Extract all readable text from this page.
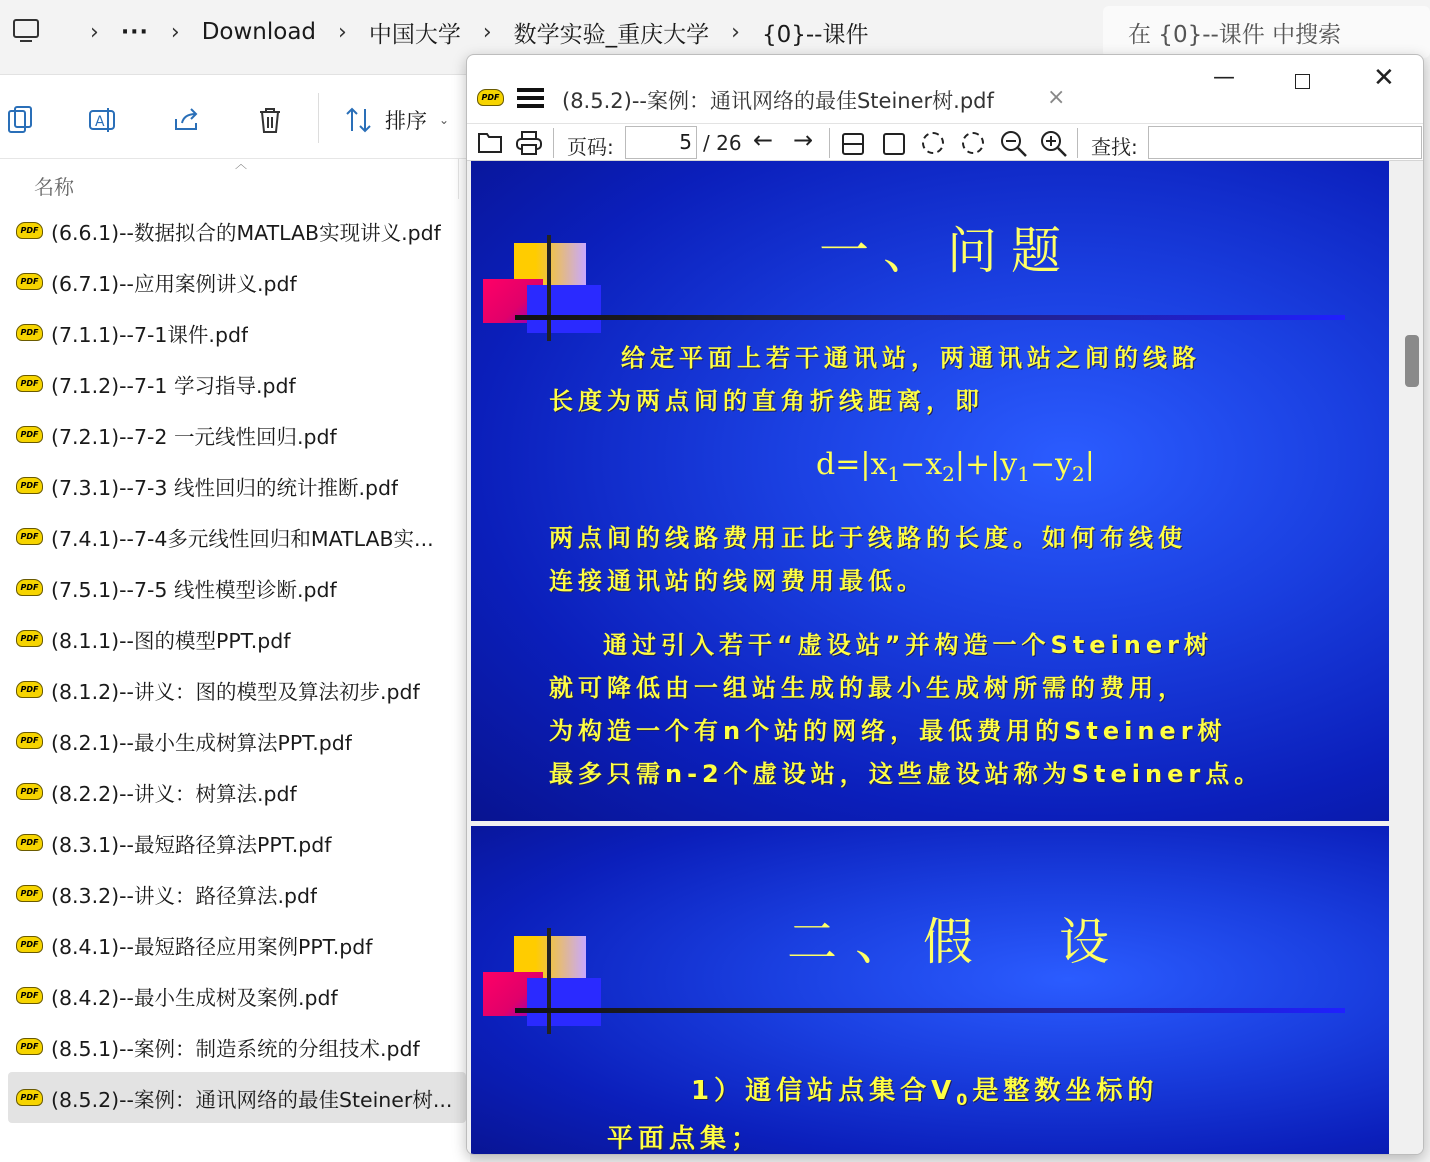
› ··· › Download › 中国大学 › 数学实验_重庆大学 › {0}--课件	在 {0}--课件 中搜索
A	排序 ⌄
︿
名称
PDF (6.6.1)--数据拟合的MATLAB实现讲义.pdf
PDF (6.7.1)--应用案例讲义.pdf
PDF (7.1.1)--7-1课件.pdf
PDF (7.1.2)--7-1 学习指导.pdf
PDF (7.2.1)--7-2 一元线性回归.pdf
PDF (7.3.1)--7-3 线性回归的统计推断.pdf
PDF (7.4.1)--7-4多元线性回归和MATLAB实...
PDF (7.5.1)--7-5 线性模型诊断.pdf
PDF (8.1.1)--图的模型PPT.pdf
PDF (8.1.2)--讲义：图的模型及算法初步.pdf
PDF (8.2.1)--最小生成树算法PPT.pdf
PDF (8.2.2)--讲义：树算法.pdf
PDF (8.3.1)--最短路径算法PPT.pdf
PDF (8.3.2)--讲义：路径算法.pdf
PDF (8.4.1)--最短路径应用案例PPT.pdf
PDF (8.4.2)--最小生成树及案例.pdf
PDF (8.5.1)--案例：制造系统的分组技术.pdf
PDF (8.5.2)--案例：通讯网络的最佳Steiner树...
PDF	(8.5.2)--案例：通讯网络的最佳Steiner树.pdf ×
—	✕
页码:	5 / 26 ← →	查找:
一、问题
给定平面上若干通讯站，两通讯站之间的线路
长度为两点间的直角折线距离，即
$d=|x_1-x_2|+|y_1-y_2|$
两点间的线路费用正比于线路的长度。如何布线使
连接通讯站的线网费用最低。
通过引入若干“虚设站”并构造一个Steiner树
就可降低由一组站生成的最小生成树所需的费用，
为构造一个有n个站的网络，最低费用的Steiner树
最多只需n-2个虚设站，这些虚设站称为Steiner点。
二、假　设
1）通信站点集合$V_0$是整数坐标的
平面点集；
